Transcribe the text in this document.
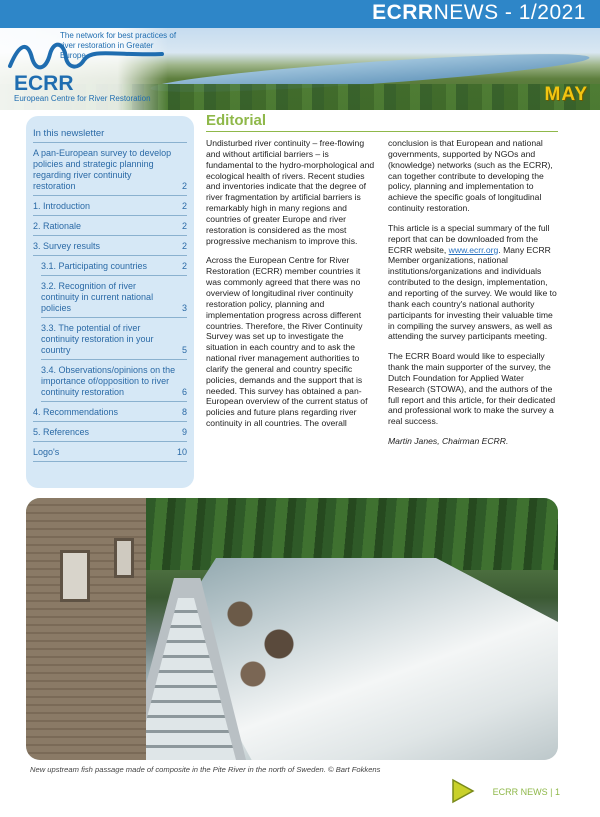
ECRRNEWS - 1/2021
The network for best practices of river restoration in Greater Europe
ECRR
European Centre for River Restoration	MAY
In this newsletter
A pan-European survey to develop policies and strategic planning regarding river continuity restoration	2
1. Introduction	2
2. Rationale	2
3. Survey results	2
3.1. Participating countries	2
3.2. Recognition of river continuity in current national policies	3
3.3. The potential of river continuity restoration in your country	5
3.4. Observations/opinions on the importance of/opposition to river continuity restoration	6
4. Recommendations	8
5. References	9
Logo's	10
Editorial

Undisturbed river continuity – free-flowing and without artificial barriers – is fundamental to the hydro-morphological and ecological health of rivers. Recent studies and inventories indicate that the degree of river fragmentation by artificial barriers is remarkably high in many regions and countries of greater Europe and river restoration is considered as the most progressive mechanism to improve this.

Across the European Centre for River Restoration (ECRR) member countries it was commonly agreed that there was no overview of longitudinal river continuity restoration policy, planning and implementation progress across different countries. Therefore, the River Continuity Survey was set up to investigate the situation in each country and to ask the national river management authorities to clarify the general and country specific policies, demands and the support that is needed. This survey has obtained a pan-European overview of the current status of policies and future plans regarding river continuity in all countries. The overall

conclusion is that European and national governments, supported by NGOs and (knowledge) networks (such as the ECRR), can together contribute to developing the policy, planning and implementation to achieve the specific goals of longitudinal continuity restoration.

This article is a special summary of the full report that can be downloaded from the ECRR website, www.ecrr.org. Many ECRR Member organizations, national institutions/organizations and individuals contributed to the design, implementation, and reporting of the survey. We would like to thank each country's national authority participants for investing their valuable time in compiling the survey answers, as well as attending the survey participants meeting.

The ECRR Board would like to especially thank the main supporter of the survey, the Dutch Foundation for Applied Water Research (STOWA), and the authors of the full report and this article, for their dedicated and professional work to make the survey a real success.

Martin Janes, Chairman ECRR.

New upstream fish passage made of composite in the Pite River in the north of Sweden. © Bart Fokkens
ECRR NEWS | 1
